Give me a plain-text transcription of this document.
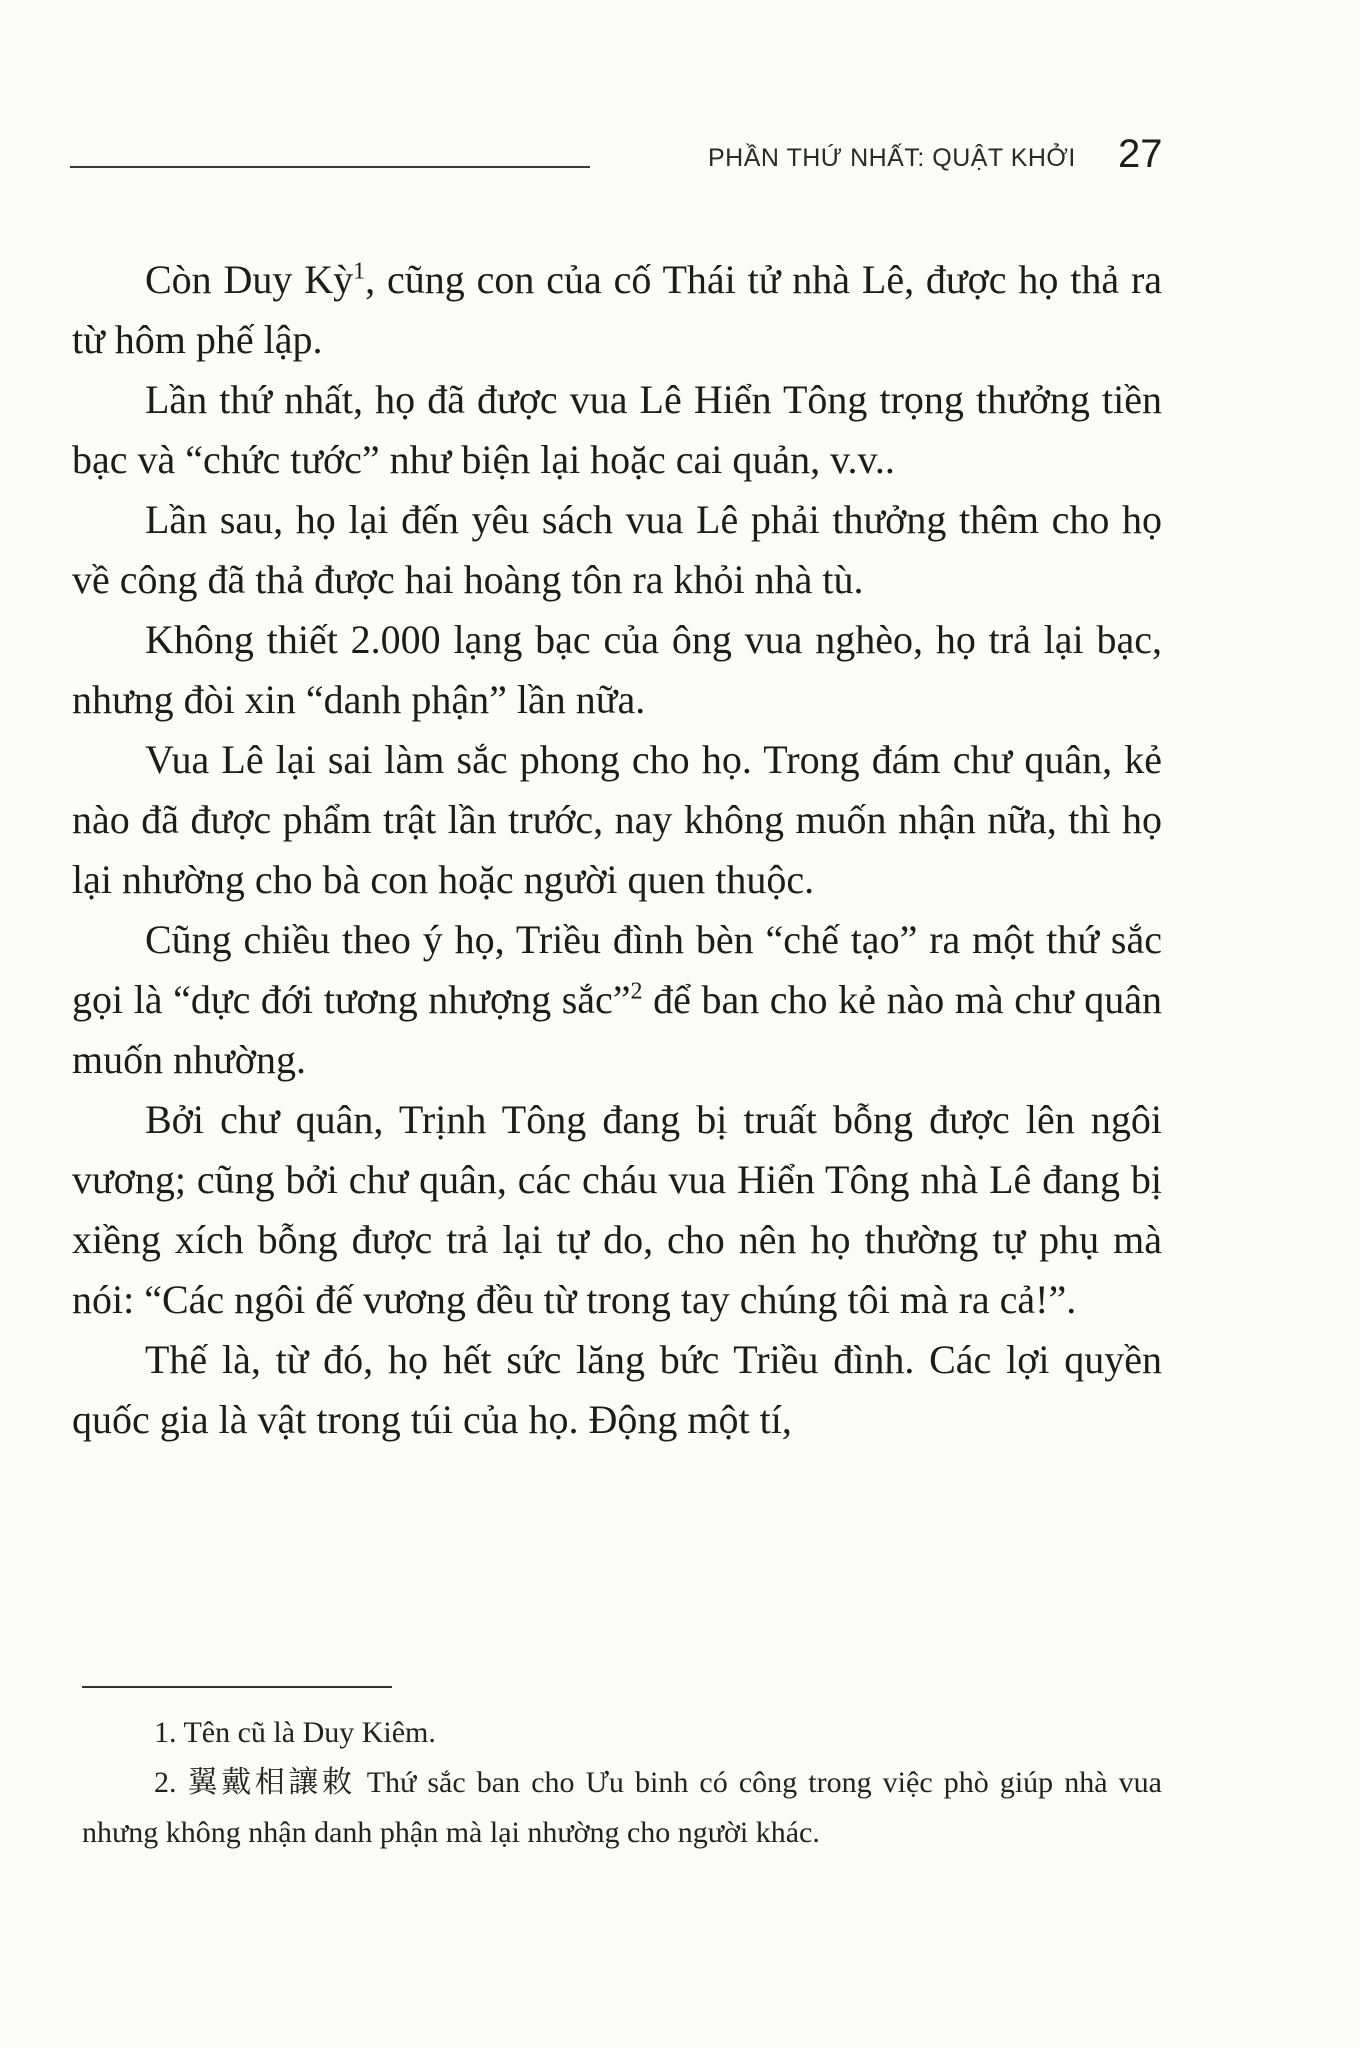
PHẦN THỨ NHẤT: QUẬT KHỞI 27

Còn Duy Kỳ$^1$, cũng con của cố Thái tử nhà Lê, được họ thả ra từ hôm phế lập.

Lần thứ nhất, họ đã được vua Lê Hiển Tông trọng thưởng tiền bạc và “chức tước” như biện lại hoặc cai quản, v.v..

Lần sau, họ lại đến yêu sách vua Lê phải thưởng thêm cho họ về công đã thả được hai hoàng tôn ra khỏi nhà tù.

Không thiết 2.000 lạng bạc của ông vua nghèo, họ trả lại bạc, nhưng đòi xin “danh phận” lần nữa.

Vua Lê lại sai làm sắc phong cho họ. Trong đám chư quân, kẻ nào đã được phẩm trật lần trước, nay không muốn nhận nữa, thì họ lại nhường cho bà con hoặc người quen thuộc.

Cũng chiều theo ý họ, Triều đình bèn “chế tạo” ra một thứ sắc gọi là “dực đới tương nhượng sắc”$^2$ để ban cho kẻ nào mà chư quân muốn nhường.

Bởi chư quân, Trịnh Tông đang bị truất bỗng được lên ngôi vương; cũng bởi chư quân, các cháu vua Hiển Tông nhà Lê đang bị xiềng xích bỗng được trả lại tự do, cho nên họ thường tự phụ mà nói: “Các ngôi đế vương đều từ trong tay chúng tôi mà ra cả!”.

Thế là, từ đó, họ hết sức lăng bức Triều đình. Các lợi quyền quốc gia là vật trong túi của họ. Động một tí,

1. Tên cũ là Duy Kiêm.

2. 翼戴相讓敕 Thứ sắc ban cho Ưu binh có công trong việc phò giúp nhà vua nhưng không nhận danh phận mà lại nhường cho người khác.
